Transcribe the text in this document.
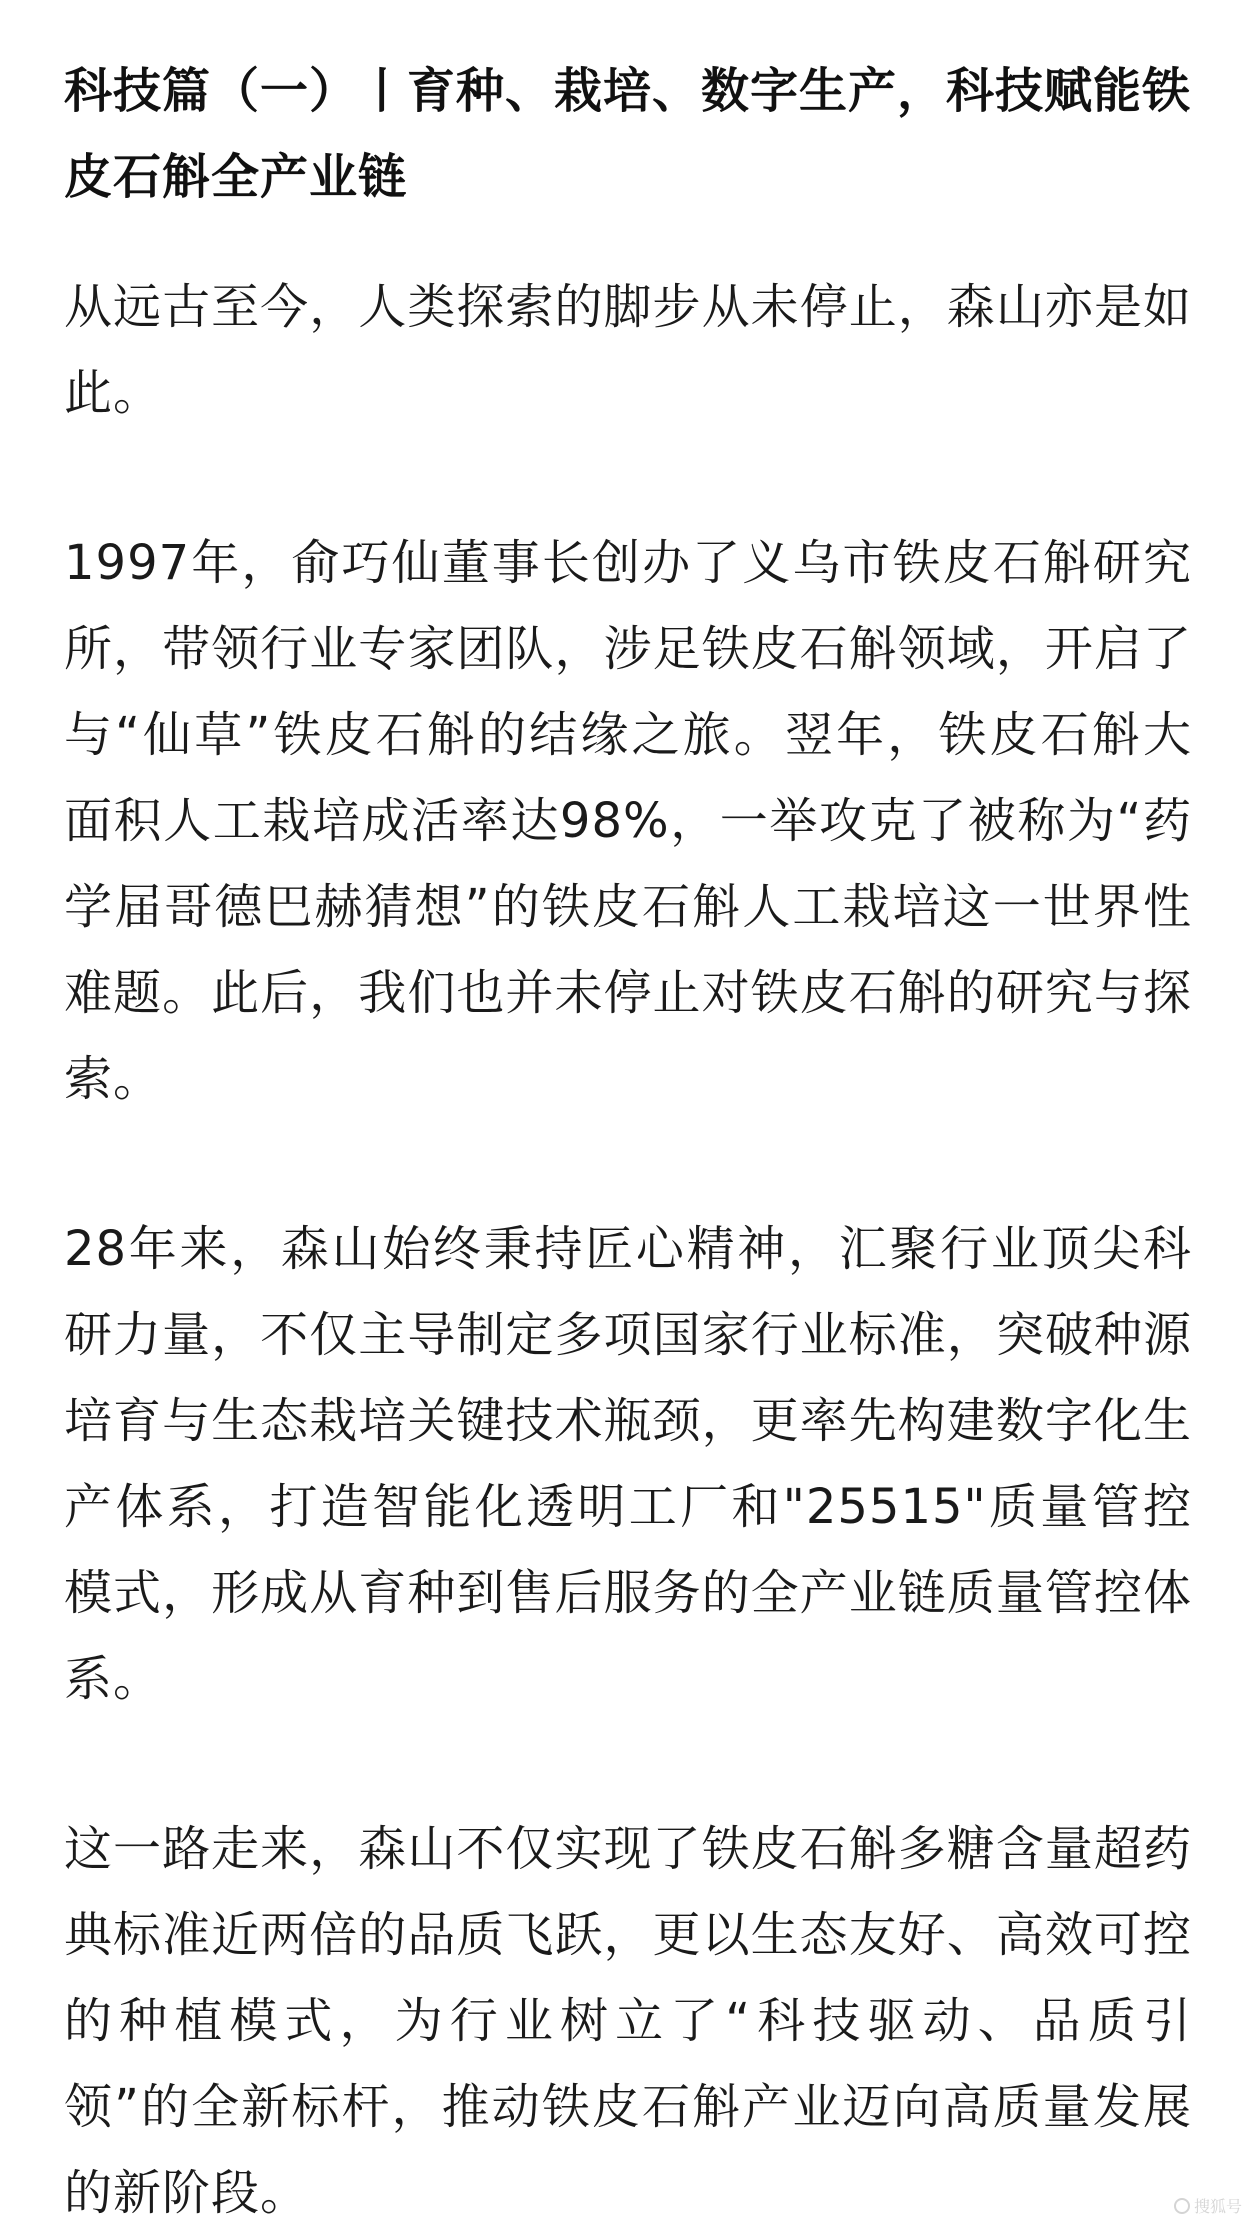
科技篇（一）丨育种、栽培、数字生产，科技赋能铁皮石斛全产业链

从远古至今，人类探索的脚步从未停止，森山亦是如此。

1997年，俞巧仙董事长创办了义乌市铁皮石斛研究所，带领行业专家团队，涉足铁皮石斛领域，开启了与“仙草”铁皮石斛的结缘之旅。翌年，铁皮石斛大面积人工栽培成活率达98%，一举攻克了被称为“药学届哥德巴赫猜想”的铁皮石斛人工栽培这一世界性难题。此后，我们也并未停止对铁皮石斛的研究与探索。

28年来，森山始终秉持匠心精神，汇聚行业顶尖科研力量，不仅主导制定多项国家行业标准，突破种源培育与生态栽培关键技术瓶颈，更率先构建数字化生产体系，打造智能化透明工厂和"25515"质量管控模式，形成从育种到售后服务的全产业链质量管控体系。

这一路走来，森山不仅实现了铁皮石斛多糖含量超药典标准近两倍的品质飞跃，更以生态友好、高效可控的种植模式，为行业树立了“科技驱动、品质引领”的全新标杆，推动铁皮石斛产业迈向高质量发展的新阶段。	搜狐号
